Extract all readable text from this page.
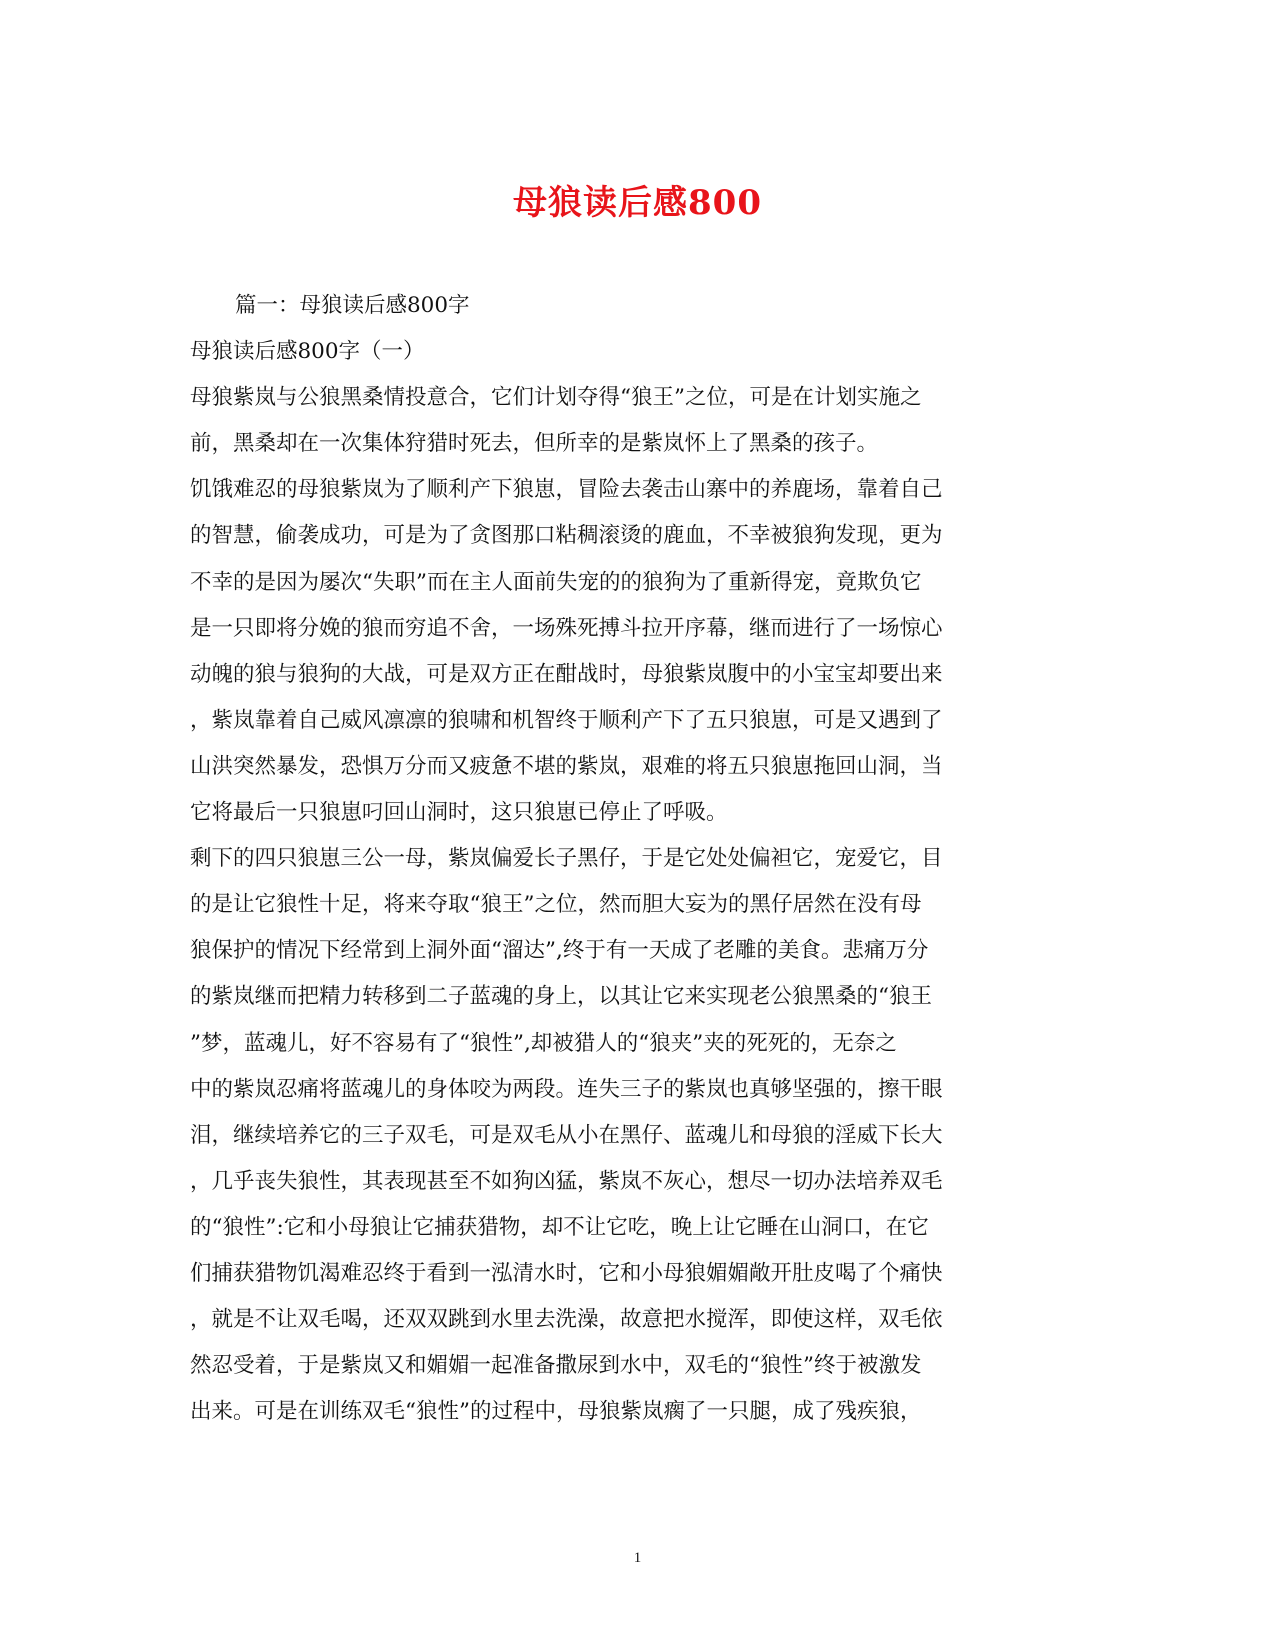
母狼读后感800
篇一：母狼读后感800字
母狼读后感800字（一）
母狼紫岚与公狼黑桑情投意合，它们计划夺得“狼王”之位，可是在计划实施之
前，黑桑却在一次集体狩猎时死去，但所幸的是紫岚怀上了黑桑的孩子。
饥饿难忍的母狼紫岚为了顺利产下狼崽，冒险去袭击山寨中的养鹿场，靠着自己
的智慧，偷袭成功，可是为了贪图那口粘稠滚烫的鹿血，不幸被狼狗发现，更为
不幸的是因为屡次“失职”而在主人面前失宠的的狼狗为了重新得宠，竟欺负它
是一只即将分娩的狼而穷追不舍，一场殊死搏斗拉开序幕，继而进行了一场惊心
动魄的狼与狼狗的大战，可是双方正在酣战时，母狼紫岚腹中的小宝宝却要出来
，紫岚靠着自己威风凛凛的狼啸和机智终于顺利产下了五只狼崽，可是又遇到了
山洪突然暴发，恐惧万分而又疲惫不堪的紫岚，艰难的将五只狼崽拖回山洞，当
它将最后一只狼崽叼回山洞时，这只狼崽已停止了呼吸。
剩下的四只狼崽三公一母，紫岚偏爱长子黑仔，于是它处处偏袒它，宠爱它，目
的是让它狼性十足，将来夺取“狼王”之位，然而胆大妄为的黑仔居然在没有母
狼保护的情况下经常到上洞外面“溜达”,终于有一天成了老雕的美食。悲痛万分
的紫岚继而把精力转移到二子蓝魂的身上，以其让它来实现老公狼黑桑的“狼王
”梦，蓝魂儿，好不容易有了“狼性”,却被猎人的“狼夹”夹的死死的，无奈之
中的紫岚忍痛将蓝魂儿的身体咬为两段。连失三子的紫岚也真够坚强的，擦干眼
泪，继续培养它的三子双毛，可是双毛从小在黑仔、蓝魂儿和母狼的淫威下长大
，几乎丧失狼性，其表现甚至不如狗凶猛，紫岚不灰心，想尽一切办法培养双毛
的“狼性”:它和小母狼让它捕获猎物，却不让它吃，晚上让它睡在山洞口，在它
们捕获猎物饥渴难忍终于看到一泓清水时，它和小母狼媚媚敞开肚皮喝了个痛快
，就是不让双毛喝，还双双跳到水里去洗澡，故意把水搅浑，即使这样，双毛依
然忍受着，于是紫岚又和媚媚一起准备撒尿到水中，双毛的“狼性”终于被激发
出来。可是在训练双毛“狼性”的过程中，母狼紫岚瘸了一只腿，成了残疾狼，
1
